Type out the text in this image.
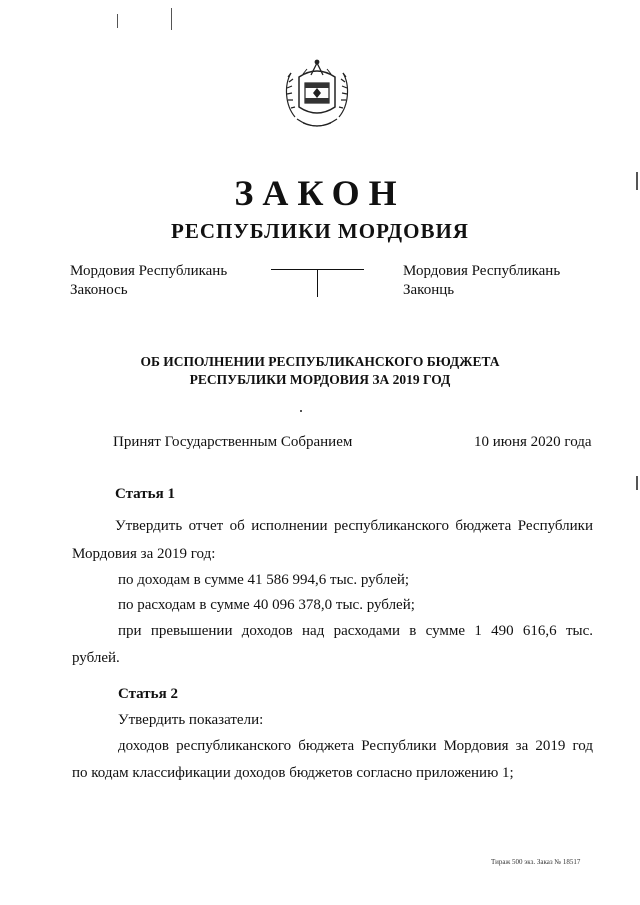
ЗАКОН
РЕСПУБЛИКИ МОРДОВИЯ
Мордовия Республикань
Законось
Мордовия Республикань
Законць
ОБ ИСПОЛНЕНИИ РЕСПУБЛИКАНСКОГО БЮДЖЕТА
РЕСПУБЛИКИ МОРДОВИЯ ЗА 2019 ГОД
Принят Государственным Собранием	10 июня 2020 года
Статья 1
Утвердить отчет об исполнении республиканского бюджета Республики
Мордовия за 2019 год:
по доходам в сумме 41 586 994,6 тыс. рублей;
по расходам в сумме 40 096 378,0 тыс. рублей;
при превышении доходов над расходами в сумме 1 490 616,6 тыс.
рублей.
Статья 2
Утвердить показатели:
доходов республиканского бюджета Республики Мордовия за 2019 год
по кодам классификации доходов бюджетов согласно приложению 1;
Тираж 500 экз. Заказ № 18517
